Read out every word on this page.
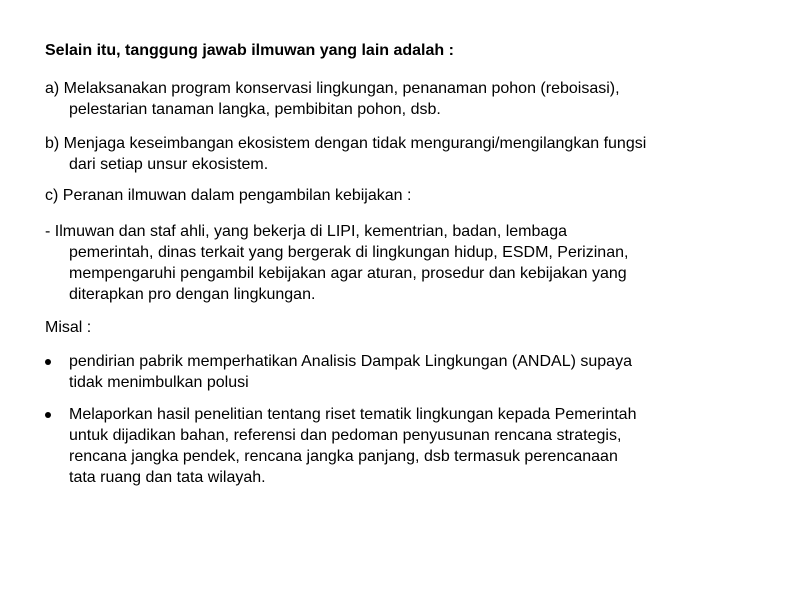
Selain itu, tanggung jawab ilmuwan yang lain adalah :
a) Melaksanakan program konservasi lingkungan, penanaman pohon (reboisasi),
pelestarian tanaman langka, pembibitan pohon, dsb.
b) Menjaga keseimbangan ekosistem dengan tidak mengurangi/mengilangkan fungsi
dari setiap unsur ekosistem.
c) Peranan ilmuwan dalam pengambilan kebijakan :
- Ilmuwan dan staf ahli, yang bekerja di LIPI, kementrian, badan, lembaga
pemerintah, dinas terkait yang bergerak di lingkungan hidup, ESDM, Perizinan,
mempengaruhi pengambil kebijakan agar aturan, prosedur dan kebijakan yang
diterapkan pro dengan lingkungan.
Misal :
pendirian pabrik memperhatikan Analisis Dampak Lingkungan (ANDAL) supaya
tidak menimbulkan polusi
Melaporkan hasil penelitian tentang riset tematik lingkungan kepada Pemerintah
untuk dijadikan bahan, referensi dan pedoman penyusunan rencana strategis,
rencana jangka pendek, rencana jangka panjang, dsb termasuk perencanaan
tata ruang dan tata wilayah.
